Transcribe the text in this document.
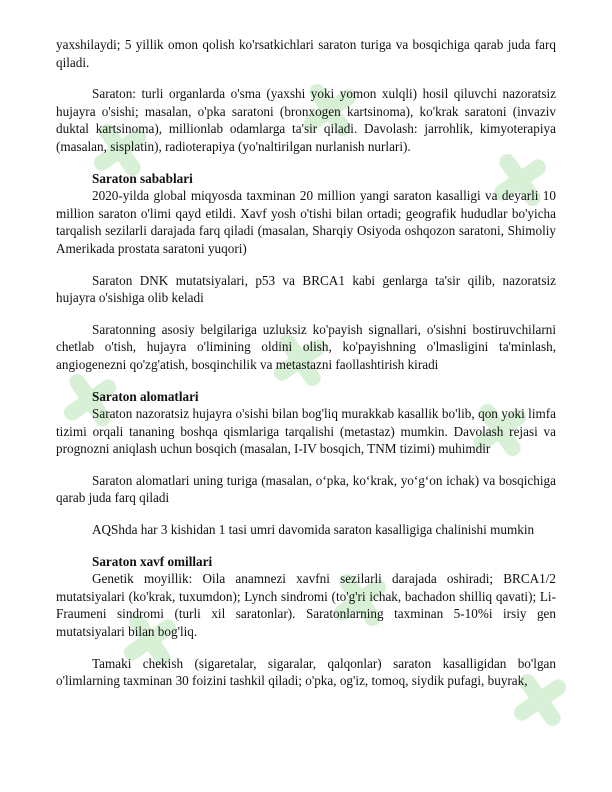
yaxshilaydi; 5 yillik omon qolish ko'rsatkichlari saraton turiga va bosqichiga qarab juda farq qiladi.

Saraton: turli organlarda o'sma (yaxshi yoki yomon xulqli) hosil qiluvchi nazoratsiz hujayra o'sishi; masalan, o'pka saratoni (bronxogen kartsinoma), ko'krak saratoni (invaziv duktal kartsinoma), millionlab odamlarga ta'sir qiladi. Davolash: jarrohlik, kimyoterapiya (masalan, sisplatin), radioterapiya (yo'naltirilgan nurlanish nurlari).

Saraton sabablari

2020-yilda global miqyosda taxminan 20 million yangi saraton kasalligi va deyarli 10 million saraton o'limi qayd etildi. Xavf yosh o'tishi bilan ortadi; geografik hududlar bo'yicha tarqalish sezilarli darajada farq qiladi (masalan, Sharqiy Osiyoda oshqozon saratoni, Shimoliy Amerikada prostata saratoni yuqori)

Saraton DNK mutatsiyalari, p53 va BRCA1 kabi genlarga ta'sir qilib, nazoratsiz hujayra o'sishiga olib keladi

Saratonning asosiy belgilariga uzluksiz ko'payish signallari, o'sishni bostiruvchilarni chetlab o'tish, hujayra o'limining oldini olish, ko'payishning o'lmasligini ta'minlash, angiogenezni qo'zg'atish, bosqinchilik va metastazni faollashtirish kiradi

Saraton alomatlari

Saraton nazoratsiz hujayra o'sishi bilan bog'liq murakkab kasallik bo'lib, qon yoki limfa tizimi orqali tananing boshqa qismlariga tarqalishi (metastaz) mumkin. Davolash rejasi va prognozni aniqlash uchun bosqich (masalan, I-IV bosqich, TNM tizimi) muhimdir

Saraton alomatlari uning turiga (masalan, o‘pka, ko‘krak, yo‘g‘on ichak) va bosqichiga qarab juda farq qiladi

AQShda har 3 kishidan 1 tasi umri davomida saraton kasalligiga chalinishi mumkin

Saraton xavf omillari

Genetik moyillik: Oila anamnezi xavfni sezilarli darajada oshiradi; BRCA1/2 mutatsiyalari (ko'krak, tuxumdon); Lynch sindromi (to'g'ri ichak, bachadon shilliq qavati); Li-Fraumeni sindromi (turli xil saratonlar). Saratonlarning taxminan 5-10%i irsiy gen mutatsiyalari bilan bog'liq.

Tamaki chekish (sigaretalar, sigaralar, qalqonlar) saraton kasalligidan bo'lgan o'limlarning taxminan 30 foizini tashkil qiladi; o'pka, og'iz, tomoq, siydik pufagi, buyrak,
